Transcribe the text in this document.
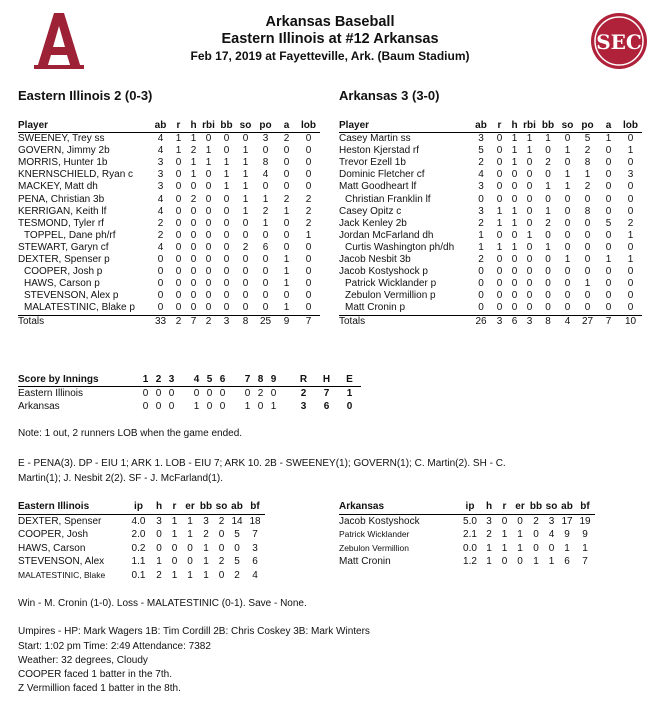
SEC
Arkansas Baseball
Eastern Illinois at #12 Arkansas
Feb 17, 2019 at Fayetteville, Ark. (Baum Stadium)
Eastern Illinois 2 (0-3)	Arkansas 3 (3-0)
Player	ab	r	h	rbi	bb	so	po	a	lob
SWEENEY, Trey ss	4	1	1	0	0	0	3	2	0
GOVERN, Jimmy 2b	4	1	2	1	0	1	0	0	0
MORRIS, Hunter 1b	3	0	1	1	1	1	8	0	0
KNERNSCHIELD, Ryan c	3	0	1	0	1	1	4	0	0
MACKEY, Matt dh	3	0	0	0	1	1	0	0	0
PENA, Christian 3b	4	0	2	0	0	1	1	2	2
KERRIGAN, Keith lf	4	0	0	0	0	1	2	1	2
TESMOND, Tyler rf	2	0	0	0	0	0	1	0	2
TOPPEL, Dane ph/rf	2	0	0	0	0	0	0	0	1
STEWART, Garyn cf	4	0	0	0	0	2	6	0	0
DEXTER, Spenser p	0	0	0	0	0	0	0	1	0
COOPER, Josh p	0	0	0	0	0	0	0	1	0
HAWS, Carson p	0	0	0	0	0	0	0	1	0
STEVENSON, Alex p	0	0	0	0	0	0	0	0	0
MALATESTINIC, Blake p	0	0	0	0	0	0	0	1	0
Totals	33	2	7	2	3	8	25	9	7
Player	ab	r	h	rbi	bb	so	po	a	lob
Casey Martin ss	3	0	1	1	1	0	5	1	0
Heston Kjerstad rf	5	0	1	1	0	1	2	0	1
Trevor Ezell 1b	2	0	1	0	2	0	8	0	0
Dominic Fletcher cf	4	0	0	0	0	1	1	0	3
Matt Goodheart lf	3	0	0	0	1	1	2	0	0
Christian Franklin lf	0	0	0	0	0	0	0	0	0
Casey Opitz c	3	1	1	0	1	0	8	0	0
Jack Kenley 2b	2	1	1	0	2	0	0	5	2
Jordan McFarland dh	1	0	0	1	0	0	0	0	1
Curtis Washington ph/dh	1	1	1	0	1	0	0	0	0
Jacob Nesbit 3b	2	0	0	0	0	1	0	1	1
Jacob Kostyshock p	0	0	0	0	0	0	0	0	0
Patrick Wicklander p	0	0	0	0	0	0	1	0	0
Zebulon Vermillion p	0	0	0	0	0	0	0	0	0
Matt Cronin p	0	0	0	0	0	0	0	0	0
Totals	26	3	6	3	8	4	27	7	10
Score by Innings	1	2	3		4	5	6		7	8	9		R	H	E
Eastern Illinois	0	0	0		0	0	0		0	2	0		2	7	1
Arkansas	0	0	0		1	0	0		1	0	1		3	6	0
Note: 1 out, 2 runners LOB when the game ended.
E - PENA(3). DP - EIU 1; ARK 1. LOB - EIU 7; ARK 10. 2B - SWEENEY(1); GOVERN(1); C. Martin(2). SH - C.
Martin(1); J. Nesbit 2(2). SF - J. McFarland(1).
Eastern Illinois	ip	h	r	er	bb	so	ab	bf
DEXTER, Spenser	4.0	3	1	1	3	2	14	18
COOPER, Josh	2.0	0	1	1	2	0	5	7
HAWS, Carson	0.2	0	0	0	1	0	0	3
STEVENSON, Alex	1.1	1	0	0	1	2	5	6
MALATESTINIC, Blake	0.1	2	1	1	1	0	2	4
Arkansas	ip	h	r	er	bb	so	ab	bf
Jacob Kostyshock	5.0	3	0	0	2	3	17	19
Patrick Wicklander	2.1	2	1	1	0	4	9	9
Zebulon Vermillion	0.0	1	1	1	0	0	1	1
Matt Cronin	1.2	1	0	0	1	1	6	7
Win - M. Cronin (1-0). Loss - MALATESTINIC (0-1). Save - None.
Umpires - HP: Mark Wagers 1B: Tim Cordill 2B: Chris Coskey 3B: Mark Winters
Start: 1:02 pm Time: 2:49 Attendance: 7382
Weather: 32 degrees, Cloudy
COOPER faced 1 batter in the 7th.
Z Vermillion faced 1 batter in the 8th.
